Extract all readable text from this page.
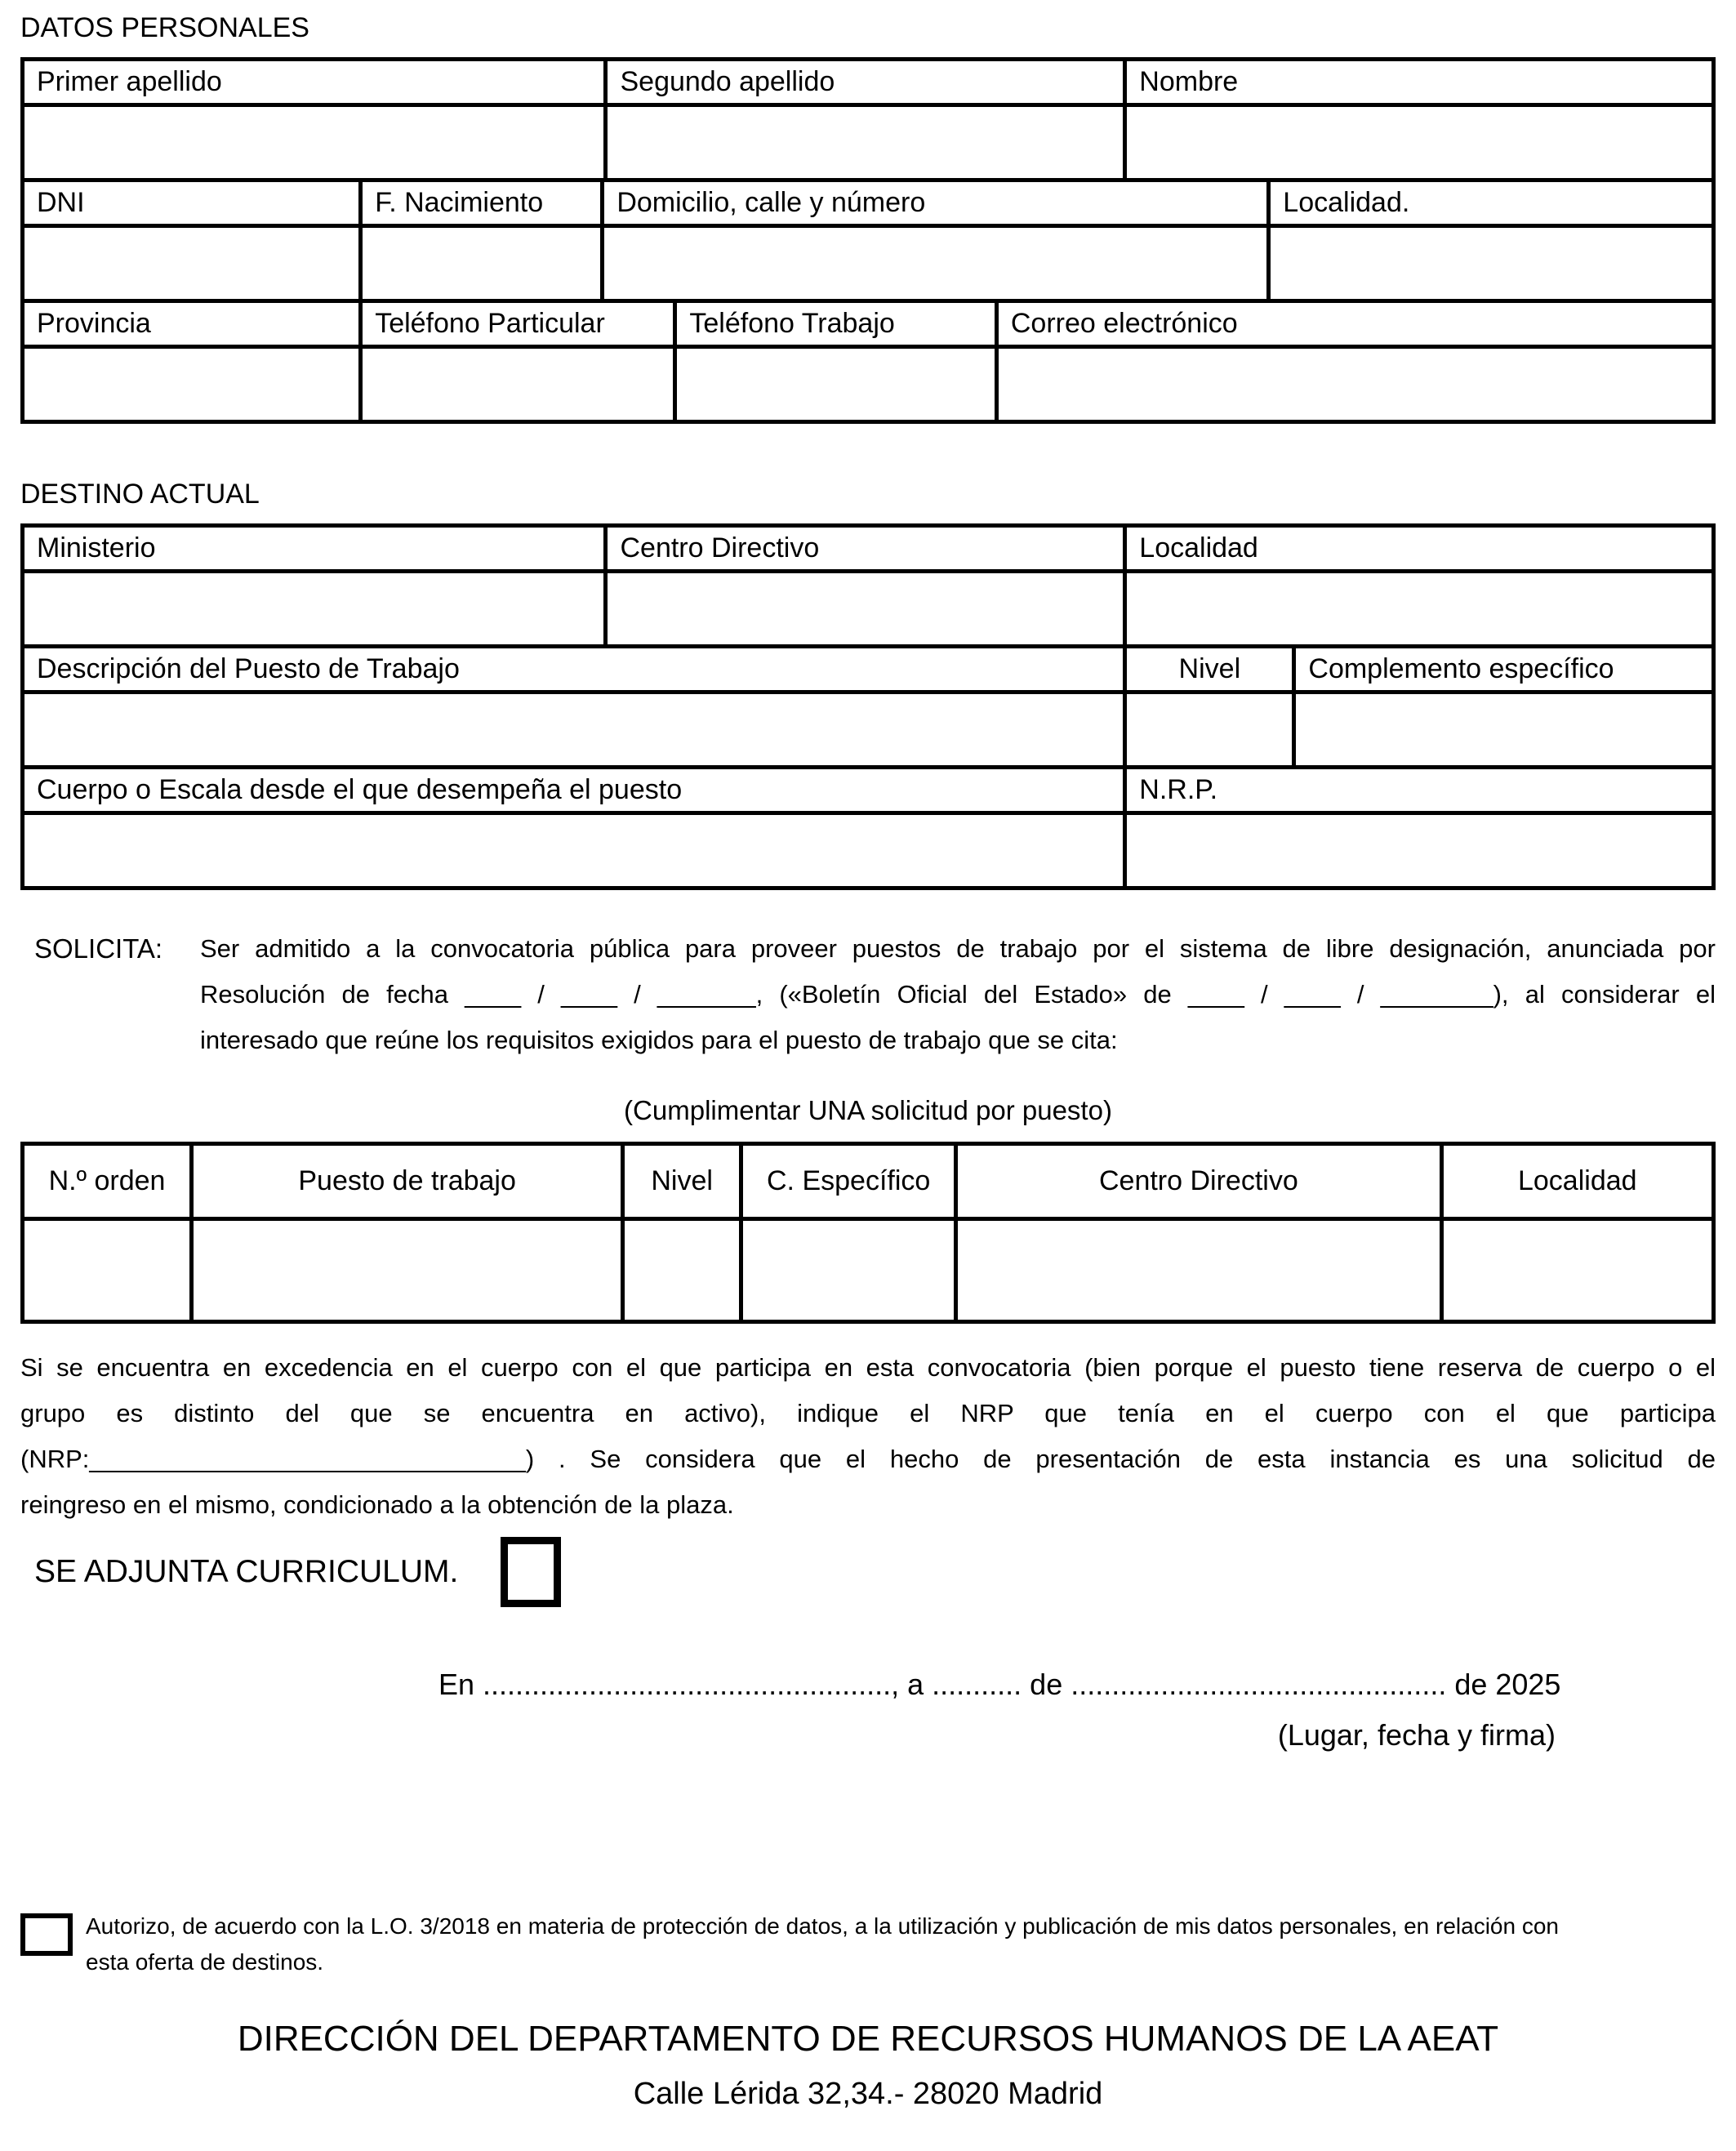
DATOS PERSONALES
Primer apellido	Segundo apellido	Nombre

DNI	F. Nacimiento	Domicilio, calle y número	Localidad.

Provincia	Teléfono Particular	Teléfono Trabajo	Correo electrónico

DESTINO ACTUAL
Ministerio	Centro Directivo	Localidad

Descripción del Puesto de Trabajo	Nivel	Complemento específico

Cuerpo o Escala desde el que desempeña el puesto	N.R.P.

SOLICITA:	Ser admitido a la convocatoria pública para proveer puestos de trabajo por el sistema de libre designación, anunciada por
Resolución de fecha ____ / ____ / _______, («Boletín Oficial del Estado» de ____ / ____ / ________), al considerar el
interesado que reúne los requisitos exigidos para el puesto de trabajo que se cita:
(Cumplimentar UNA solicitud por puesto)
N.º orden	Puesto de trabajo	Nivel	C. Específico	Centro Directivo	Localidad

Si se encuentra en excedencia en el cuerpo con el que participa en esta convocatoria (bien porque el puesto tiene reserva de cuerpo o el
grupo es distinto del que se encuentra en activo), indique el NRP que tenía en el cuerpo con el que participa
(NRP:_______________________________) . Se considera que el hecho de presentación de esta instancia es una solicitud de
reingreso en el mismo, condicionado a la obtención de la plaza.
SE ADJUNTA CURRICULUM.
En .................................................., a ........... de .............................................. de 2025
(Lugar, fecha y firma)
Autorizo, de acuerdo con la L.O. 3/2018 en materia de protección de datos, a la utilización y publicación de mis datos personales, en relación con
esta oferta de destinos.
DIRECCIÓN DEL DEPARTAMENTO DE RECURSOS HUMANOS DE LA AEAT
Calle Lérida 32,34.- 28020 Madrid
